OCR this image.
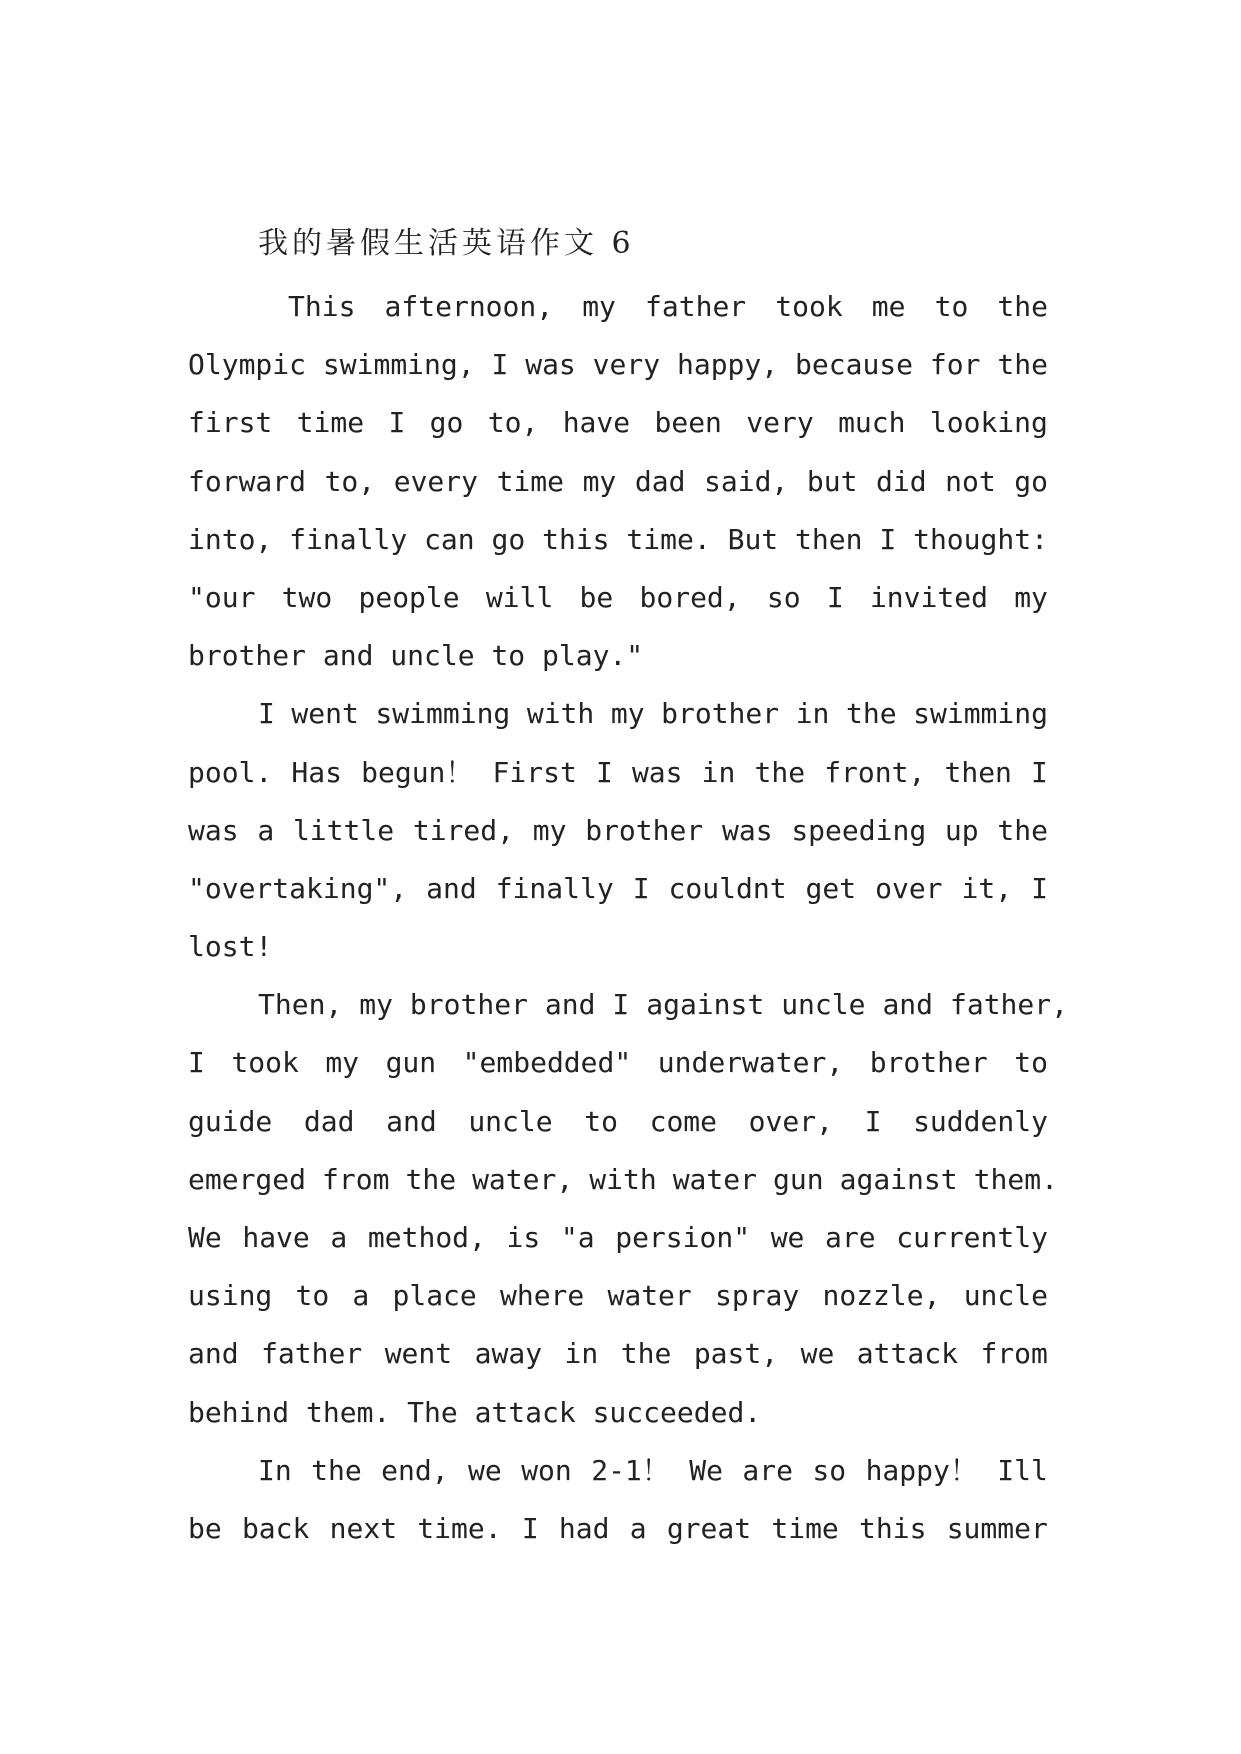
我的暑假生活英语作文 6
This afternoon, my father took me to the
Olympic swimming, I was very happy, because for the
first time I go to, have been very much looking
forward to, every time my dad said, but did not go
into, finally can go this time. But then I thought:
"our two people will be bored, so I invited my
brother and uncle to play."
I went swimming with my brother in the swimming
pool. Has begun！ First I was in the front, then I
was a little tired, my brother was speeding up the
"overtaking", and finally I couldnt get over it, I
lost!
Then, my brother and I against uncle and father,
I took my gun "embedded" underwater, brother to
guide dad and uncle to come over, I suddenly
emerged from the water, with water gun against them.
We have a method, is "a persion" we are currently
using to a place where water spray nozzle, uncle
and father went away in the past, we attack from
behind them. The attack succeeded.
In the end, we won 2-1！ We are so happy！ Ill
be back next time. I had a great time this summer
